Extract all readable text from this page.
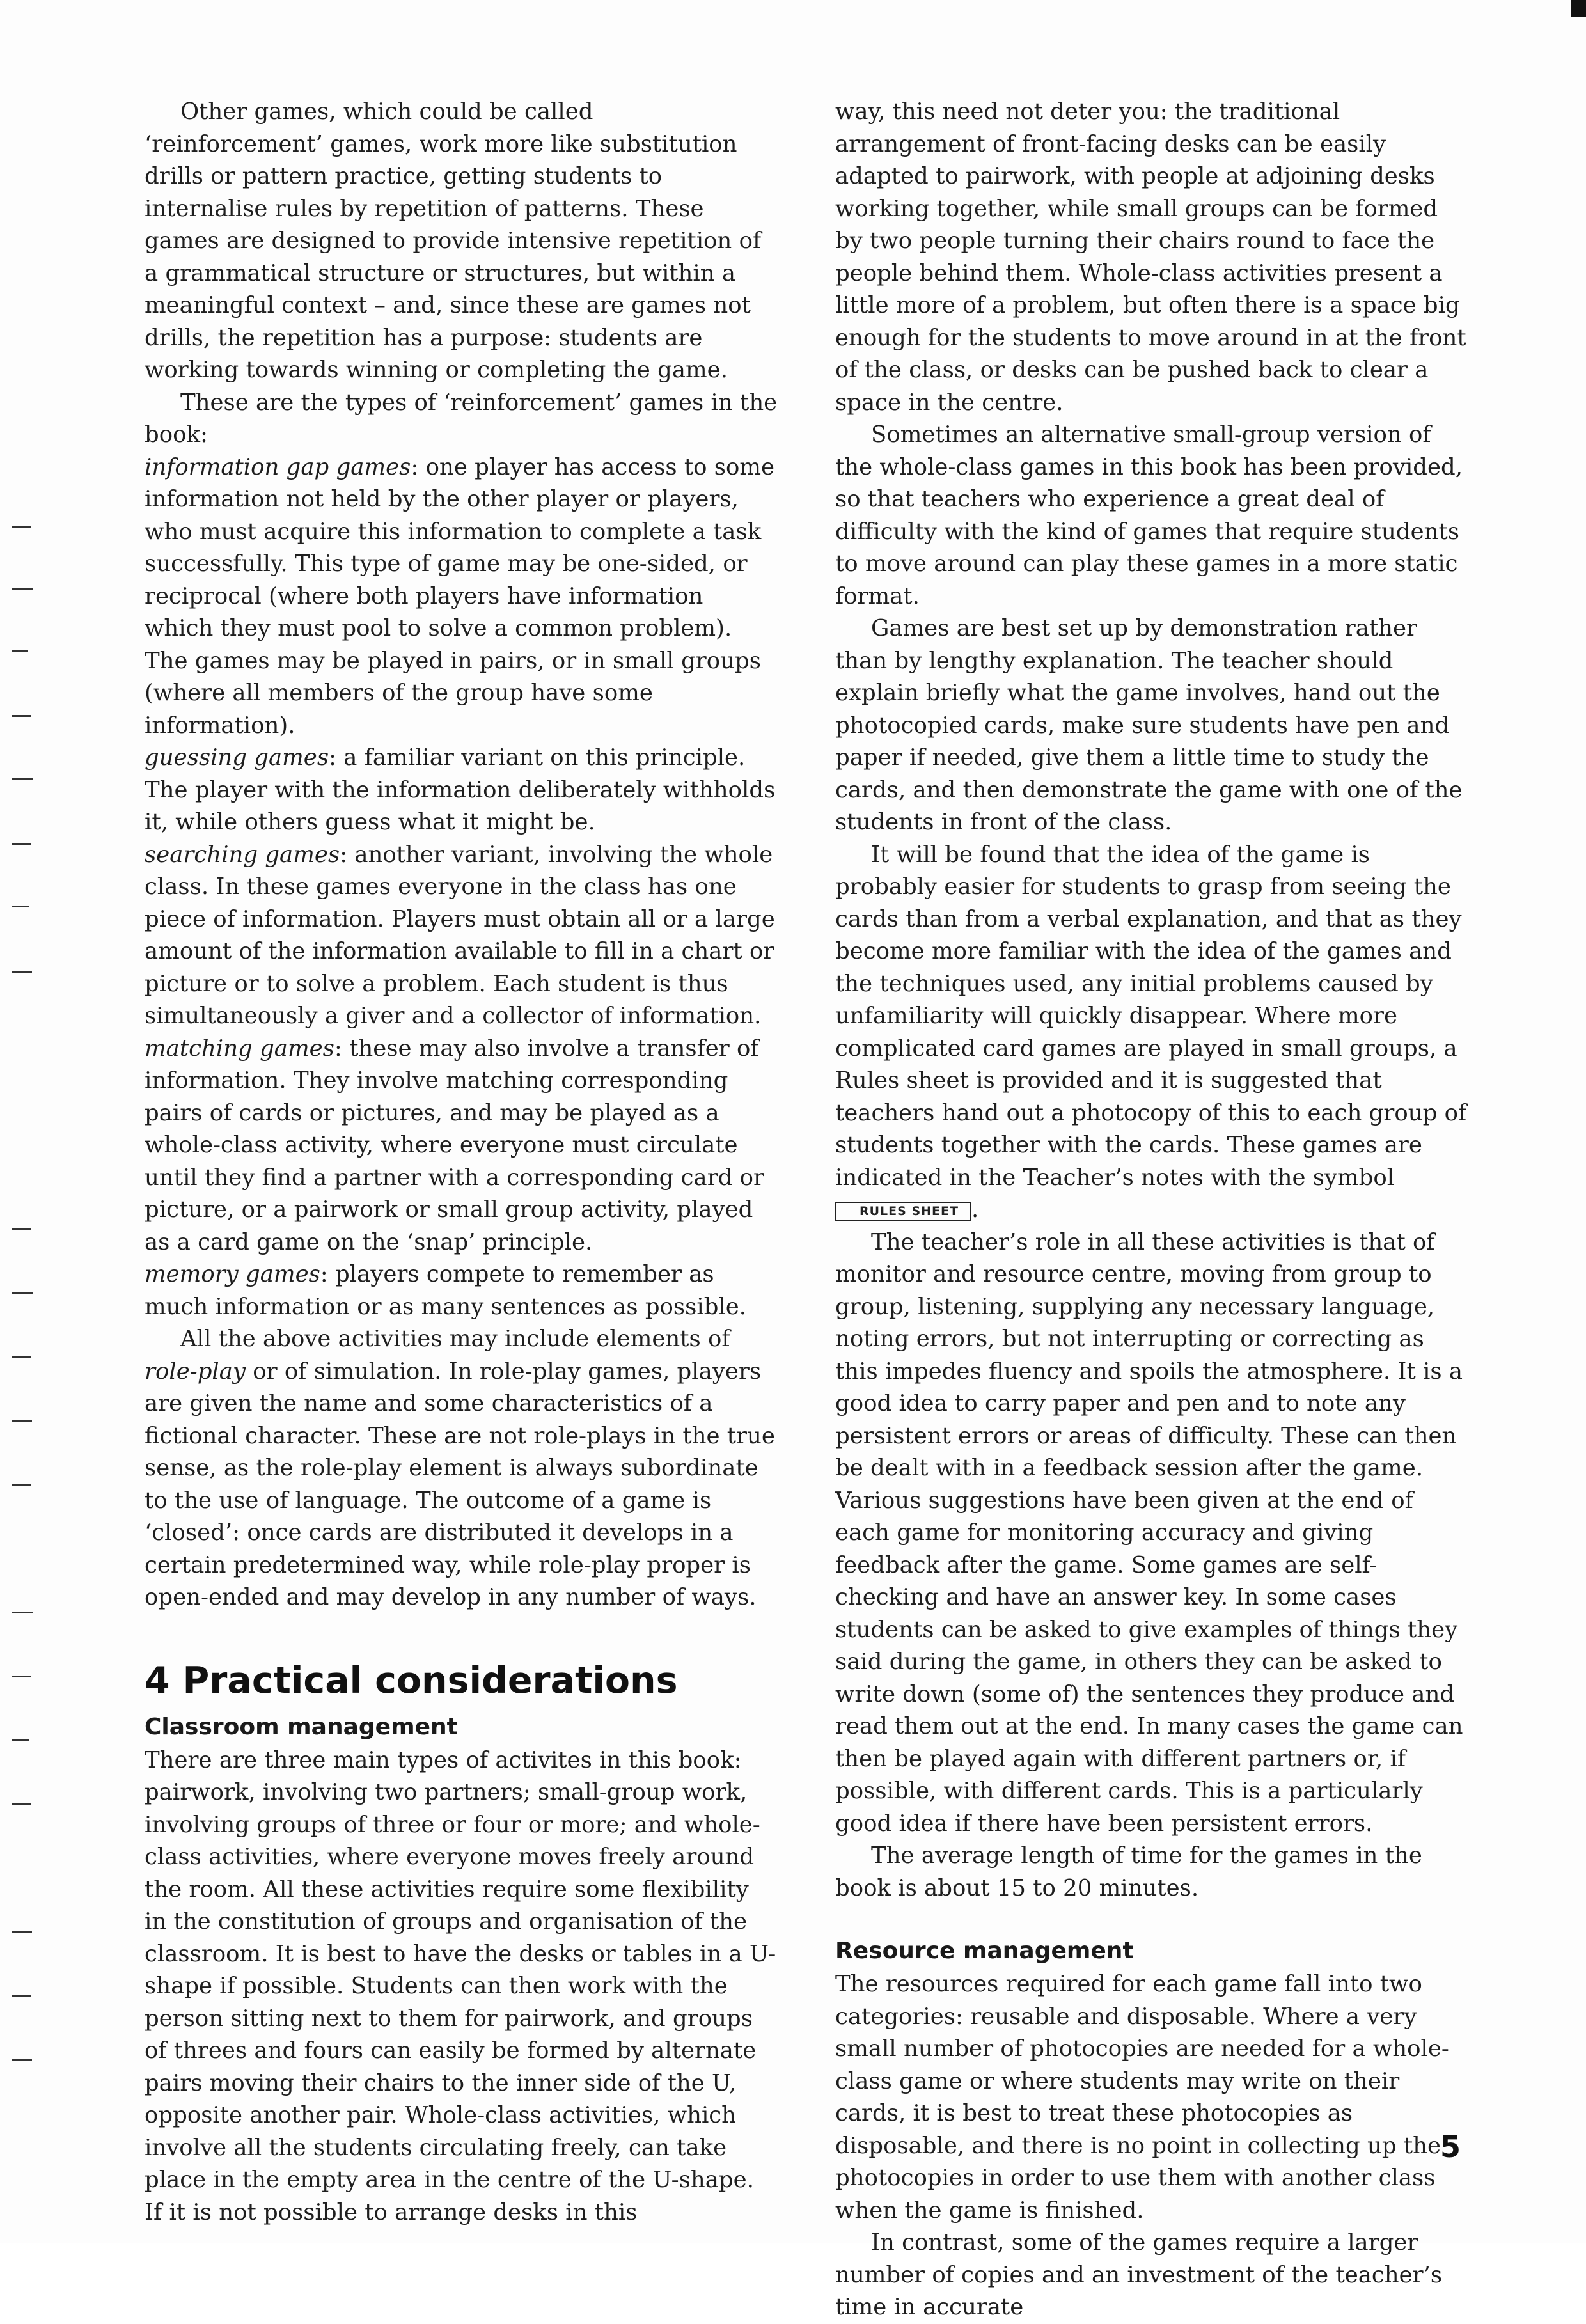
Other games, which could be called ‘reinforcement’ games, work more like substitution drills or pattern practice, getting students to internalise rules by repetition of patterns. These games are designed to provide intensive repetition of a grammatical structure or structures, but within a meaningful context – and, since these are games not drills, the repetition has a purpose: students are working towards winning or completing the game.

These are the types of ‘reinforcement’ games in the book:

information gap games: one player has access to some information not held by the other player or players, who must acquire this information to complete a task successfully. This type of game may be one-sided, or reciprocal (where both players have information which they must pool to solve a common problem). The games may be played in pairs, or in small groups (where all members of the group have some information).

guessing games: a familiar variant on this principle. The player with the information deliberately withholds it, while others guess what it might be.

searching games: another variant, involving the whole class. In these games everyone in the class has one piece of information. Players must obtain all or a large amount of the information available to fill in a chart or picture or to solve a problem. Each student is thus simultaneously a giver and a collector of information.

matching games: these may also involve a transfer of information. They involve matching corresponding pairs of cards or pictures, and may be played as a whole-class activity, where everyone must circulate until they find a partner with a corresponding card or picture, or a pairwork or small group activity, played as a card game on the ‘snap’ principle.

memory games: players compete to remember as much information or as many sentences as possible.

All the above activities may include elements of role-play or of simulation. In role-play games, players are given the name and some characteristics of a fictional character. These are not role-plays in the true sense, as the role-play element is always subordinate to the use of language. The outcome of a game is ‘closed’: once cards are distributed it develops in a certain predetermined way, while role-play proper is open-ended and may develop in any number of ways.

4 Practical considerations
Classroom management

There are three main types of activites in this book: pairwork, involving two partners; small-group work, involving groups of three or four or more; and whole-class activities, where everyone moves freely around the room. All these activities require some flexibility in the constitution of groups and organisation of the classroom. It is best to have the desks or tables in a U-shape if possible. Students can then work with the person sitting next to them for pairwork, and groups of threes and fours can easily be formed by alternate pairs moving their chairs to the inner side of the U, opposite another pair. Whole-class activities, which involve all the students circulating freely, can take place in the empty area in the centre of the U-shape. If it is not possible to arrange desks in this

way, this need not deter you: the traditional arrangement of front-facing desks can be easily adapted to pairwork, with people at adjoining desks working together, while small groups can be formed by two people turning their chairs round to face the people behind them. Whole-class activities present a little more of a problem, but often there is a space big enough for the students to move around in at the front of the class, or desks can be pushed back to clear a space in the centre.

Sometimes an alternative small-group version of the whole-class games in this book has been provided, so that teachers who experience a great deal of difficulty with the kind of games that require students to move around can play these games in a more static format.

Games are best set up by demonstration rather than by lengthy explanation. The teacher should explain briefly what the game involves, hand out the photocopied cards, make sure students have pen and paper if needed, give them a little time to study the cards, and then demonstrate the game with one of the students in front of the class.

It will be found that the idea of the game is probably easier for students to grasp from seeing the cards than from a verbal explanation, and that as they become more familiar with the idea of the games and the techniques used, any initial problems caused by unfamiliarity will quickly disappear. Where more complicated card games are played in small groups, a Rules sheet is provided and it is suggested that teachers hand out a photocopy of this to each group of students together with the cards. These games are indicated in the Teacher’s notes with the symbol RULES SHEET .

The teacher’s role in all these activities is that of monitor and resource centre, moving from group to group, listening, supplying any necessary language, noting errors, but not interrupting or correcting as this impedes fluency and spoils the atmosphere. It is a good idea to carry paper and pen and to note any persistent errors or areas of difficulty. These can then be dealt with in a feedback session after the game. Various suggestions have been given at the end of each game for monitoring accuracy and giving feedback after the game. Some games are self-checking and have an answer key. In some cases students can be asked to give examples of things they said during the game, in others they can be asked to write down (some of) the sentences they produce and read them out at the end. In many cases the game can then be played again with different partners or, if possible, with different cards. This is a particularly good idea if there have been persistent errors.

The average length of time for the games in the book is about 15 to 20 minutes.

Resource management

The resources required for each game fall into two categories: reusable and disposable. Where a very small number of photocopies are needed for a whole-class game or where students may write on their cards, it is best to treat these photocopies as disposable, and there is no point in collecting up the photocopies in order to use them with another class when the game is finished.

In contrast, some of the games require a larger number of copies and an investment of the teacher’s time in accurate

5
